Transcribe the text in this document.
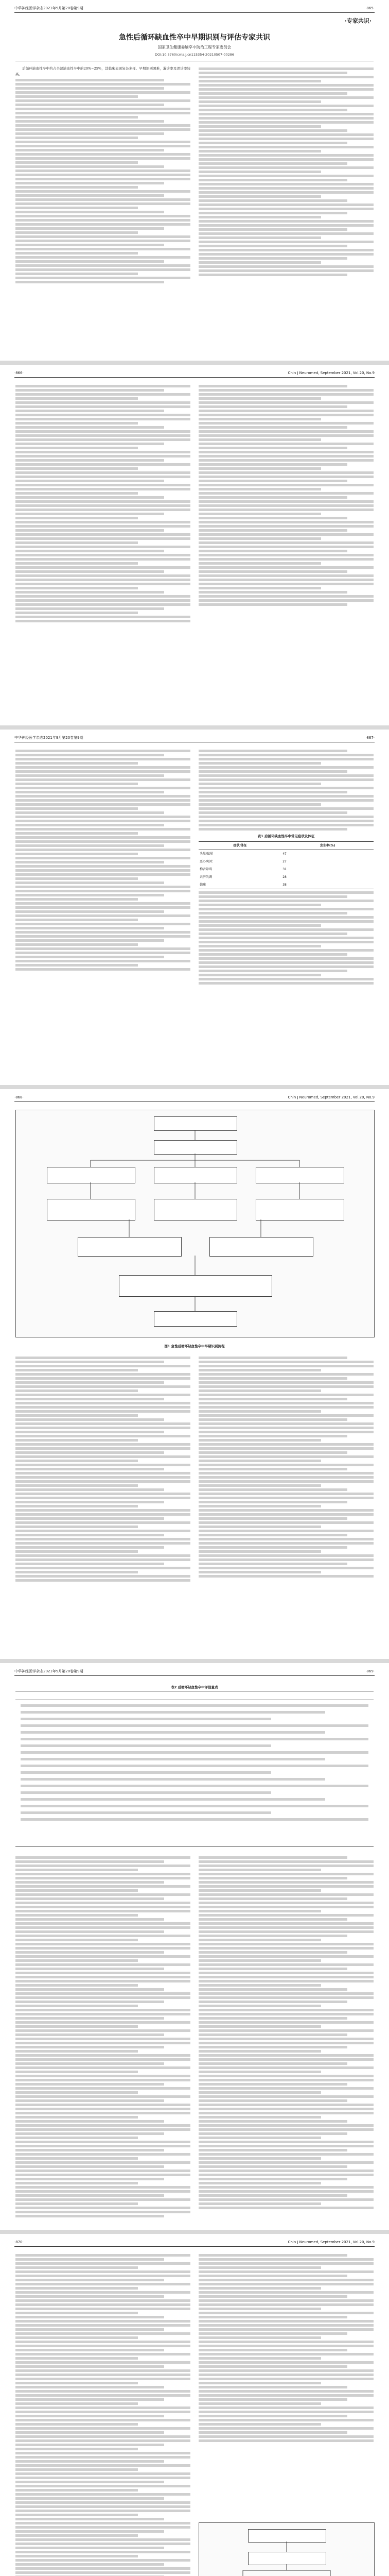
中华神经医学杂志2021年9月第20卷第9期	·865·
·专家共识·
急性后循环缺血性卒中早期识别与评估专家共识
国家卫生健康委脑卒中防治工程专家委员会
DOI:10.3760/cma.j.cn115354-20210507-00286

后循环缺血性卒中约占全部缺血性卒中的20%~25%，其临床表现复杂多样、早期识别困难，漏诊率及误诊率较高。

·866·	Chin J Neuromed, September 2021, Vol.20, No.9
中华神经医学杂志2021年9月第20卷第9期	·867·
表1 后循环缺血性卒中常见症状及体征
症状/体征	发生率(%)
头晕/眩晕	47
恶心/呕吐	27
构音障碍	31
共济失调	28
偏瘫	38
·868·	Chin J Neuromed, September 2021, Vol.20, No.9
图1 急性后循环缺血性卒中早期识别流程
中华神经医学杂志2021年9月第20卷第9期	·869·
表2 后循环缺血性卒中评估量表
·870·	Chin J Neuromed, September 2021, Vol.20, No.9
